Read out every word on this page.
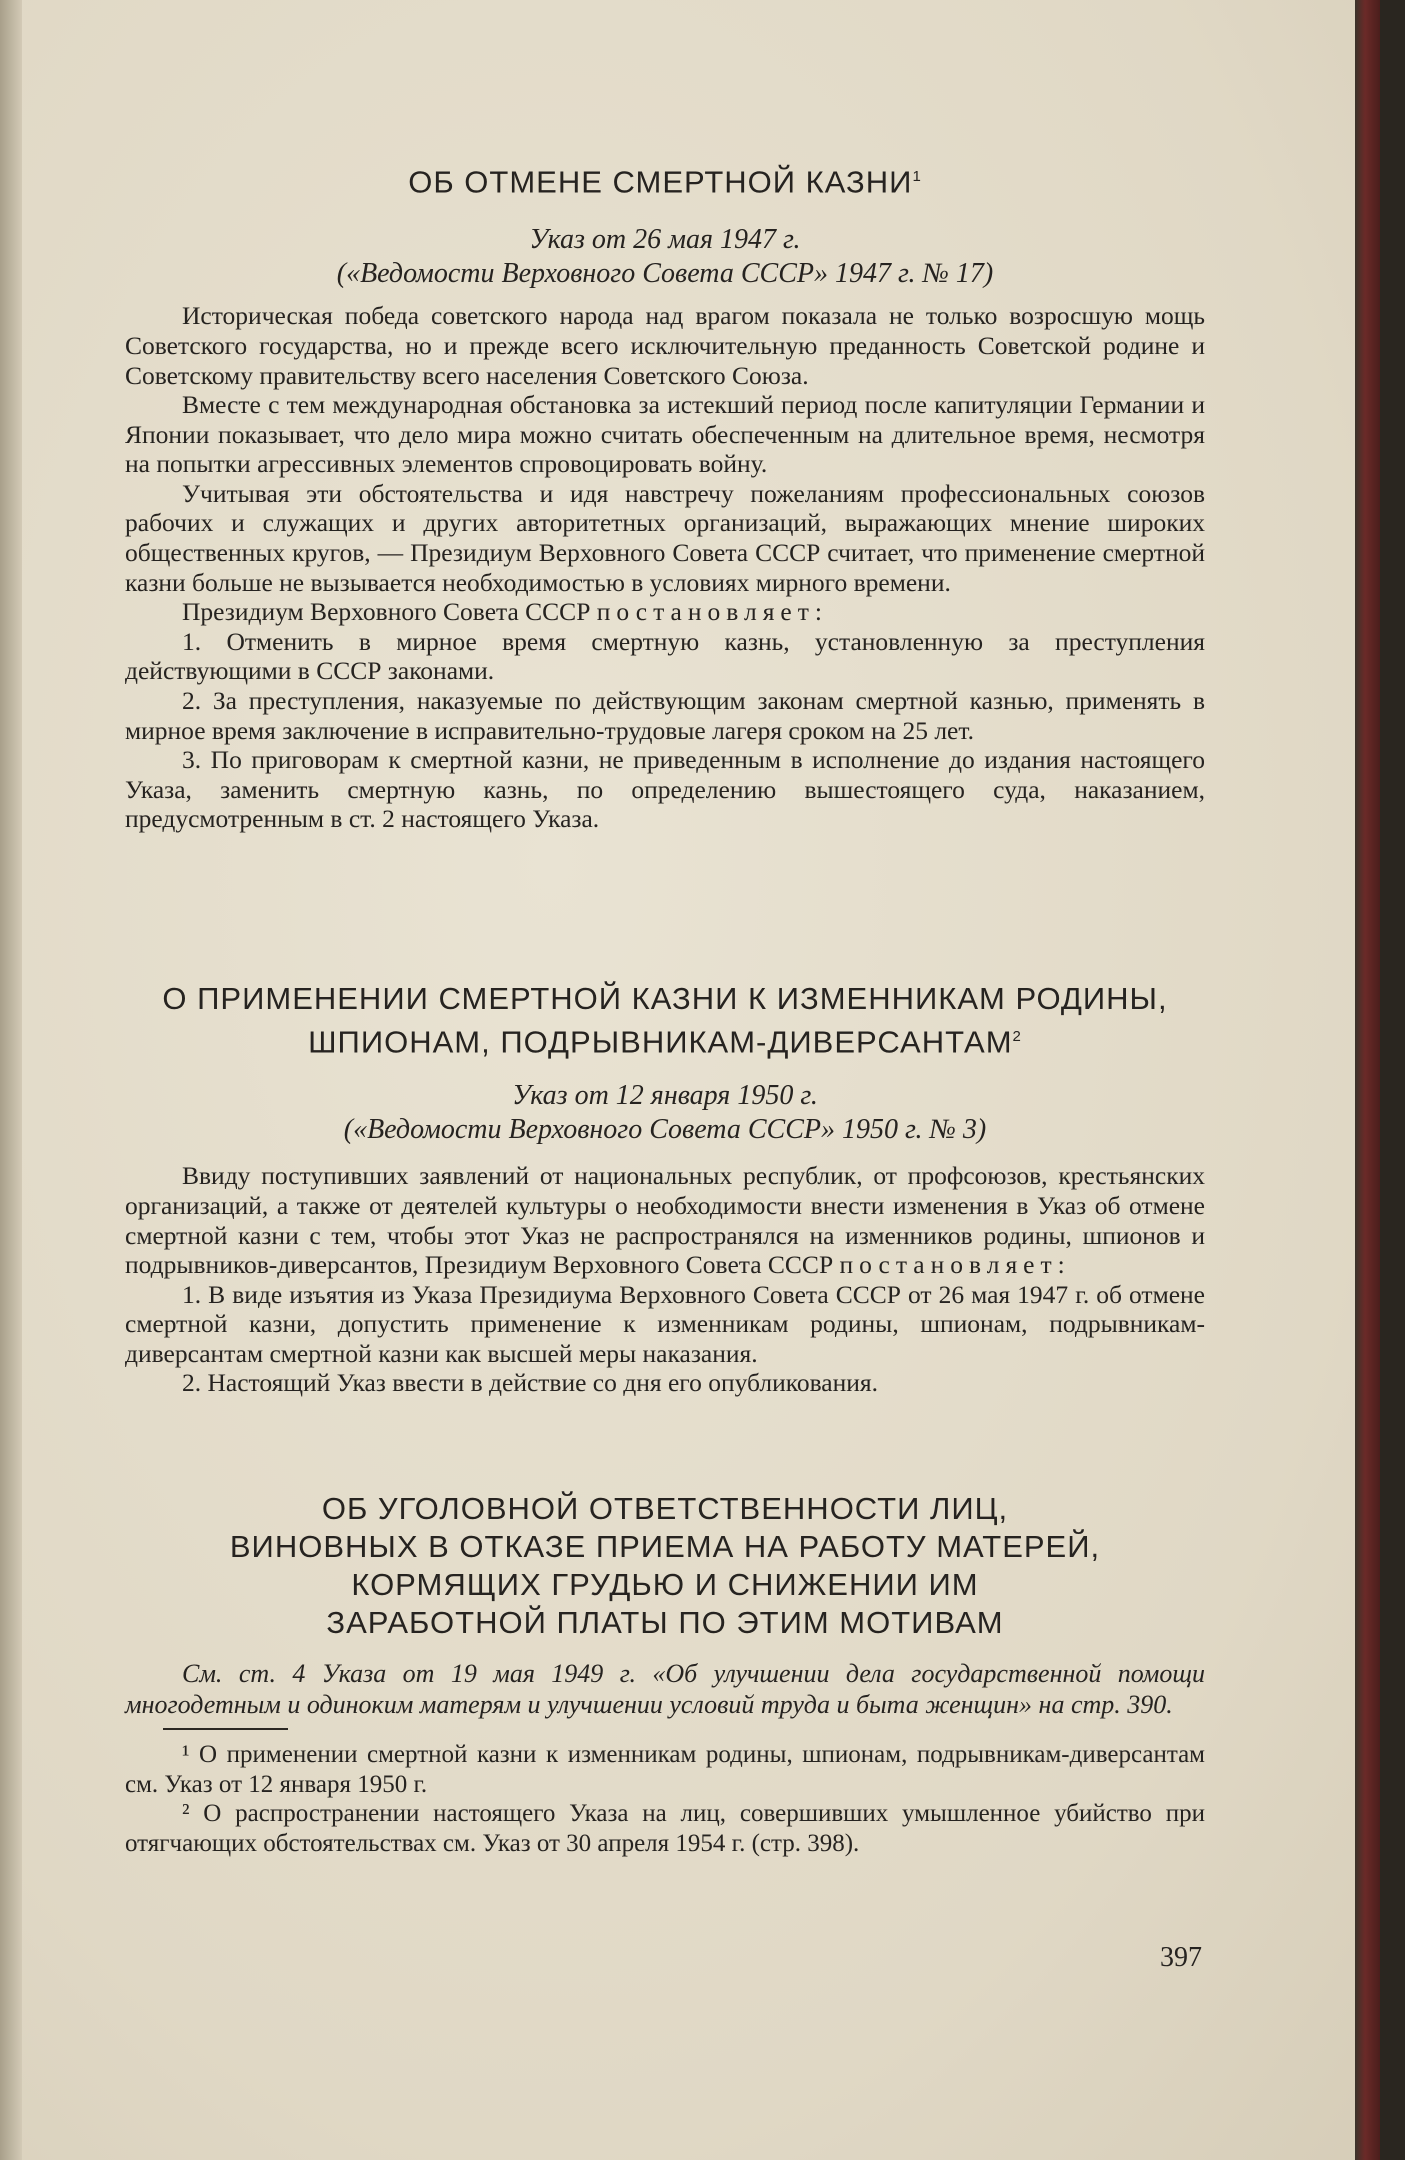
ОБ ОТМЕНЕ СМЕРТНОЙ КАЗНИ$^1$

Указ от 26 мая 1947 г.

(«Ведомости Верховного Совета СССР» 1947 г. № 17)

Историческая победа советского народа над врагом показала не только возросшую мощь Советского государства, но и прежде всего исключительную преданность Советской родине и Советскому правительству всего населения Советского Союза.

Вместе с тем международная обстановка за истекший период после капитуляции Германии и Японии показывает, что дело мира можно считать обеспеченным на длительное время, несмотря на попытки агрессивных элементов спровоцировать войну.

Учитывая эти обстоятельства и идя навстречу пожеланиям профессиональных союзов рабочих и служащих и других авторитетных организаций, выражающих мнение широких общественных кругов, — Президиум Верховного Совета СССР считает, что применение смертной казни больше не вызывается необходимостью в условиях мирного времени.

Президиум Верховного Совета СССР постановляет:

1. Отменить в мирное время смертную казнь, установленную за преступления действующими в СССР законами.

2. За преступления, наказуемые по действующим законам смертной казнью, применять в мирное время заключение в исправительно-трудовые лагеря сроком на 25 лет.

3. По приговорам к смертной казни, не приведенным в исполнение до издания настоящего Указа, заменить смертную казнь, по определению вышестоящего суда, наказанием, предусмотренным в ст. 2 настоящего Указа.

О ПРИМЕНЕНИИ СМЕРТНОЙ КАЗНИ К ИЗМЕННИКАМ РОДИНЫ,

ШПИОНАМ, ПОДРЫВНИКАМ-ДИВЕРСАНТАМ$^2$

Указ от 12 января 1950 г.

(«Ведомости Верховного Совета СССР» 1950 г. № 3)

Ввиду поступивших заявлений от национальных республик, от профсоюзов, крестьянских организаций, а также от деятелей культуры о необходимости внести изменения в Указ об отмене смертной казни с тем, чтобы этот Указ не распространялся на изменников родины, шпионов и подрывников-диверсантов, Президиум Верховного Совета СССР постановляет:

1. В виде изъятия из Указа Президиума Верховного Совета СССР от 26 мая 1947 г. об отмене смертной казни, допустить применение к изменникам родины, шпионам, подрывникам-диверсантам смертной казни как высшей меры наказания.

2. Настоящий Указ ввести в действие со дня его опубликования.

ОБ УГОЛОВНОЙ ОТВЕТСТВЕННОСТИ ЛИЦ,

ВИНОВНЫХ В ОТКАЗЕ ПРИЕМА НА РАБОТУ МАТЕРЕЙ,

КОРМЯЩИХ ГРУДЬЮ И СНИЖЕНИИ ИМ

ЗАРАБОТНОЙ ПЛАТЫ ПО ЭТИМ МОТИВАМ

См. ст. 4 Указа от 19 мая 1949 г. «Об улучшении дела государственной помощи многодетным и одиноким матерям и улучшении условий труда и быта женщин» на стр. 390.

¹ О применении смертной казни к изменникам родины, шпионам, подрывникам-диверсантам см. Указ от 12 января 1950 г.

² О распространении настоящего Указа на лиц, совершивших умышленное убийство при отягчающих обстоятельствах см. Указ от 30 апреля 1954 г. (стр. 398).

397
